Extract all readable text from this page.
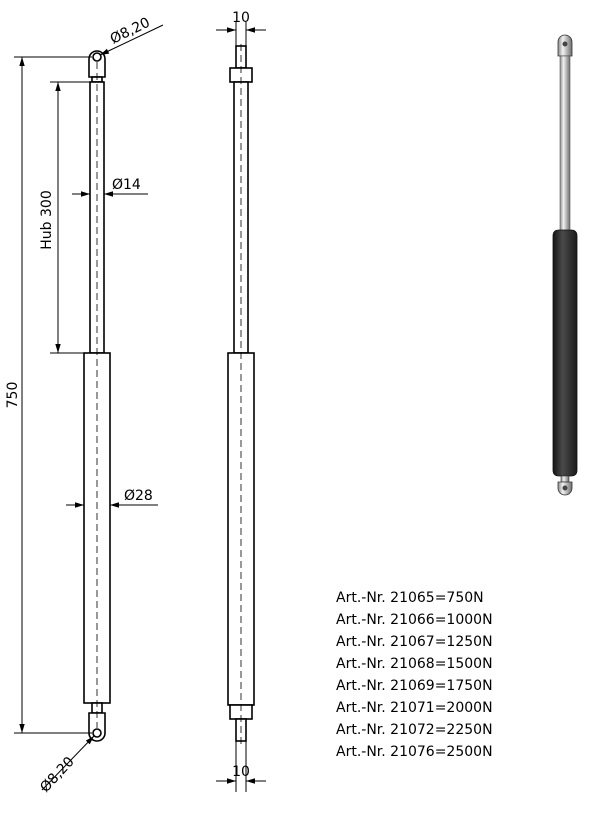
750
Hub 300
Ø14
Ø28
Ø8,20
Ø8,20
10
10
Art.-Nr. 21065=750N
Art.-Nr. 21066=1000N
Art.-Nr. 21067=1250N
Art.-Nr. 21068=1500N
Art.-Nr. 21069=1750N
Art.-Nr. 21071=2000N
Art.-Nr. 21072=2250N
Art.-Nr. 21076=2500N
